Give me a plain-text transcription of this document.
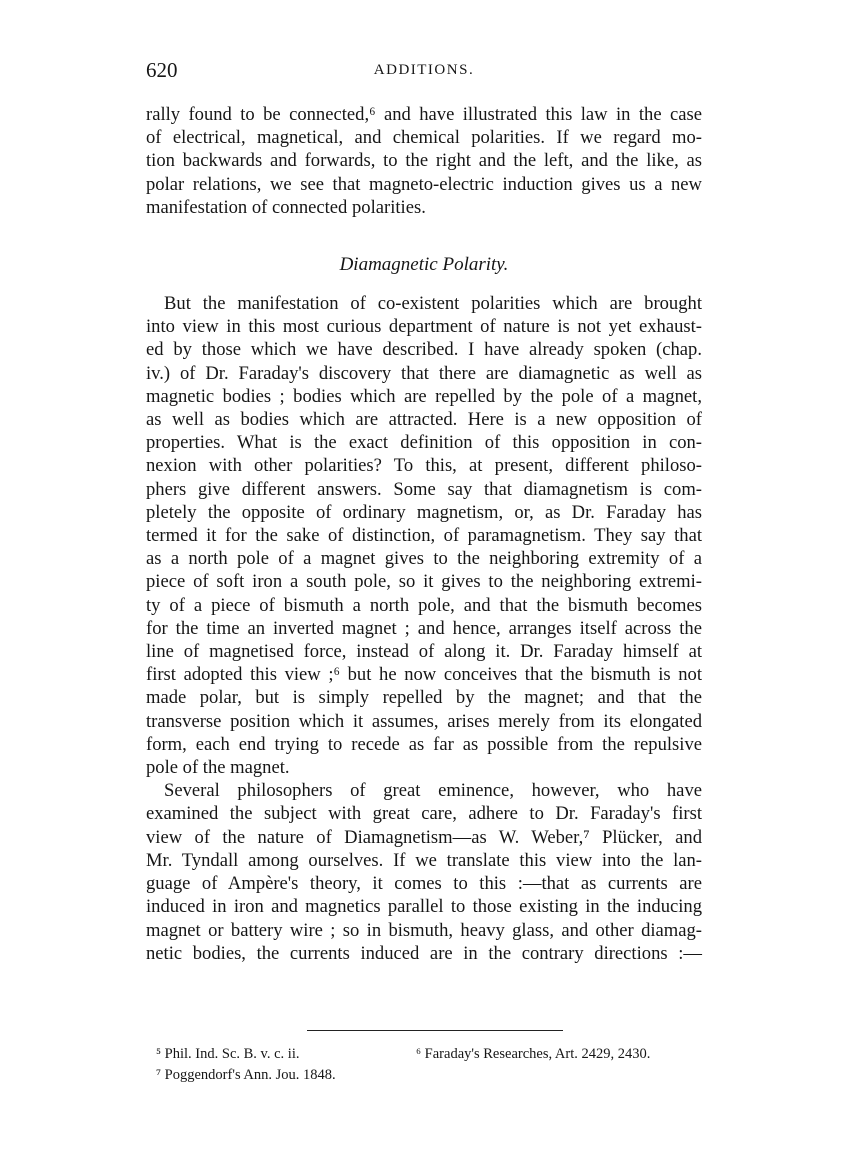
620	ADDITIONS.
rally found to be connected,⁶ and have illustrated this law in the case
of electrical, magnetical, and chemical polarities. If we regard mo-
tion backwards and forwards, to the right and the left, and the like, as
polar relations, we see that magneto-electric induction gives us a new
manifestation of connected polarities.
Diamagnetic Polarity.
But the manifestation of co-existent polarities which are brought
into view in this most curious department of nature is not yet exhaust-
ed by those which we have described. I have already spoken (chap.
iv.) of Dr. Faraday's discovery that there are diamagnetic as well as
magnetic bodies ; bodies which are repelled by the pole of a magnet,
as well as bodies which are attracted. Here is a new opposition of
properties. What is the exact definition of this opposition in con-
nexion with other polarities? To this, at present, different philoso-
phers give different answers. Some say that diamagnetism is com-
pletely the opposite of ordinary magnetism, or, as Dr. Faraday has
termed it for the sake of distinction, of paramagnetism. They say that
as a north pole of a magnet gives to the neighboring extremity of a
piece of soft iron a south pole, so it gives to the neighboring extremi-
ty of a piece of bismuth a north pole, and that the bismuth becomes
for the time an inverted magnet ; and hence, arranges itself across the
line of magnetised force, instead of along it. Dr. Faraday himself at
first adopted this view ;⁶ but he now conceives that the bismuth is not
made polar, but is simply repelled by the magnet; and that the
transverse position which it assumes, arises merely from its elongated
form, each end trying to recede as far as possible from the repulsive
pole of the magnet.
Several philosophers of great eminence, however, who have
examined the subject with great care, adhere to Dr. Faraday's first
view of the nature of Diamagnetism—as W. Weber,⁷ Plücker, and
Mr. Tyndall among ourselves. If we translate this view into the lan-
guage of Ampère's theory, it comes to this :—that as currents are
induced in iron and magnetics parallel to those existing in the inducing
magnet or battery wire ; so in bismuth, heavy glass, and other diamag-
netic bodies, the currents induced are in the contrary directions :—
⁵ Phil. Ind. Sc. B. v. c. ii.	⁶ Faraday's Researches, Art. 2429, 2430.
⁷ Poggendorf's Ann. Jou. 1848.
